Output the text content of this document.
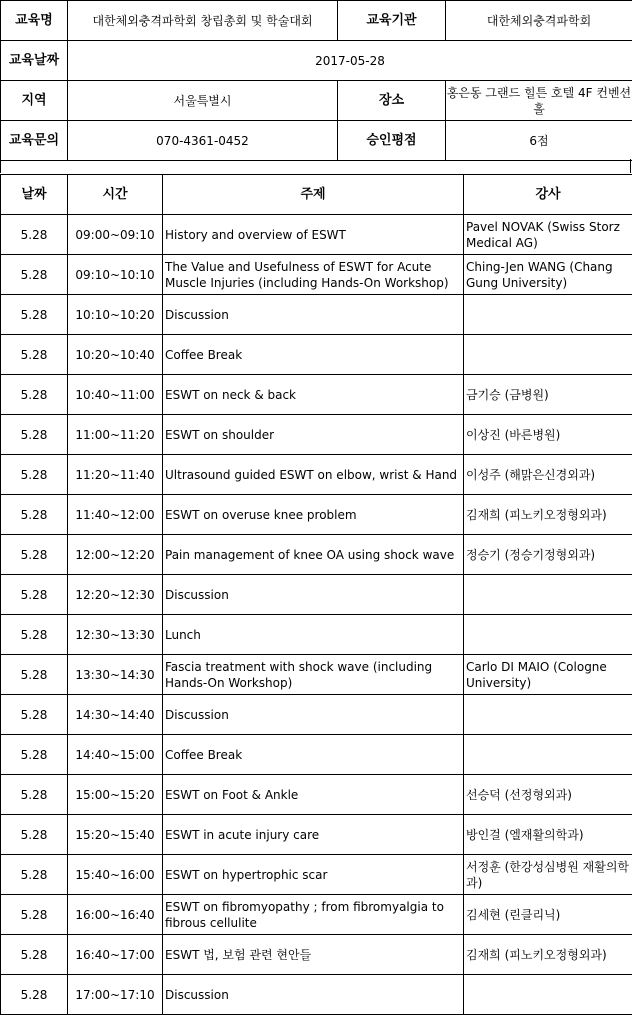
교육명	대한체외충격파학회 창립총회 및 학술대회	교육기관	대한체외충격파학회
교육날짜	2017-05-28		
지역	서울특별시	장소	홍은동 그랜드 힐튼 호텔 4F 컨벤션홀
교육문의	070-4361-0452	승인평점	6점
날짜	시간	주제	강사
5.28	09:00~09:10	History and overview of ESWT	Pavel NOVAK (Swiss Storz Medical AG)
5.28	09:10~10:10	The Value and Usefulness of ESWT for Acute Muscle Injuries (including Hands-On Workshop)	Ching-Jen WANG (Chang Gung University)
5.28	10:10~10:20	Discussion	
5.28	10:20~10:40	Coffee Break	
5.28	10:40~11:00	ESWT on neck & back	금기승 (금병원)
5.28	11:00~11:20	ESWT on shoulder	이상진 (바른병원)
5.28	11:20~11:40	Ultrasound guided ESWT on elbow, wrist & Hand	이성주 (해맑은신경외과)
5.28	11:40~12:00	ESWT on overuse knee problem	김재희 (피노키오정형외과)
5.28	12:00~12:20	Pain management of knee OA using shock wave	정승기 (정승기정형외과)
5.28	12:20~12:30	Discussion	
5.28	12:30~13:30	Lunch	
5.28	13:30~14:30	Fascia treatment with shock wave (including Hands-On Workshop)	Carlo DI MAIO (Cologne University)
5.28	14:30~14:40	Discussion	
5.28	14:40~15:00	Coffee Break	
5.28	15:00~15:20	ESWT on Foot & Ankle	선승덕 (선정형외과)
5.28	15:20~15:40	ESWT in acute injury care	방인걸 (엘재활의학과)
5.28	15:40~16:00	ESWT on hypertrophic scar	서정훈 (한강성심병원 재활의학과)
5.28	16:00~16:40	ESWT on fibromyopathy ; from fibromyalgia to fibrous cellulite	김세현 (린클리닉)
5.28	16:40~17:00	ESWT 법, 보험 관련 현안들	김재희 (피노키오정형외과)
5.28	17:00~17:10	Discussion	
